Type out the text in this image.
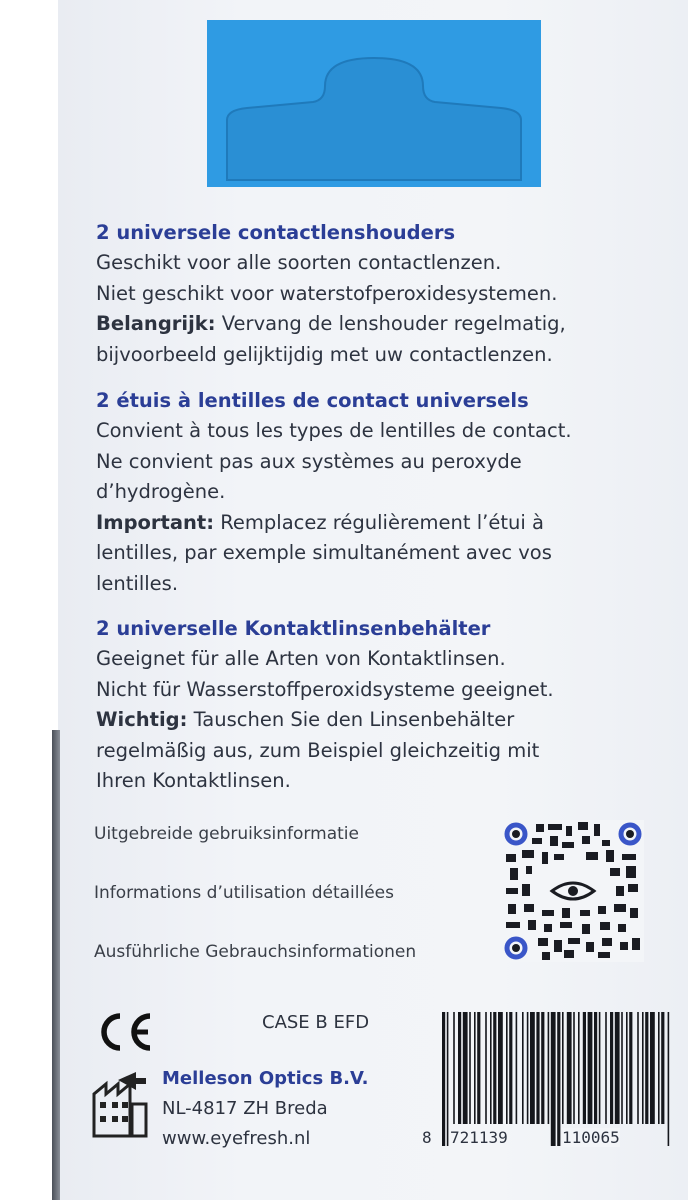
2 universele contactlenshouders

Geschikt voor alle soorten contactlenzen.

Niet geschikt voor waterstofperoxidesystemen.

Belangrijk: Vervang de lenshouder regelmatig,

bijvoorbeeld gelijktijdig met uw contactlenzen.

2 étuis à lentilles de contact universels

Convient à tous les types de lentilles de contact.

Ne convient pas aux systèmes au peroxyde

d’hydrogène.

Important: Remplacez régulièrement l’étui à

lentilles, par exemple simultanément avec vos

lentilles.

2 universelle Kontaktlinsenbehälter

Geeignet für alle Arten von Kontaktlinsen.

Nicht für Wasserstoffperoxidsysteme geeignet.

Wichtig: Tauschen Sie den Linsenbehälter

regelmäßig aus, zum Beispiel gleichzeitig mit

Ihren Kontaktlinsen.

Uitgebreide gebruiksinformatie
Informations d’utilisation détaillées
Ausführliche Gebrauchsinformationen
CASE B EFD
Melleson Optics B.V.
NL-4817 ZH Breda
www.eyefresh.nl	8 721139	110065
